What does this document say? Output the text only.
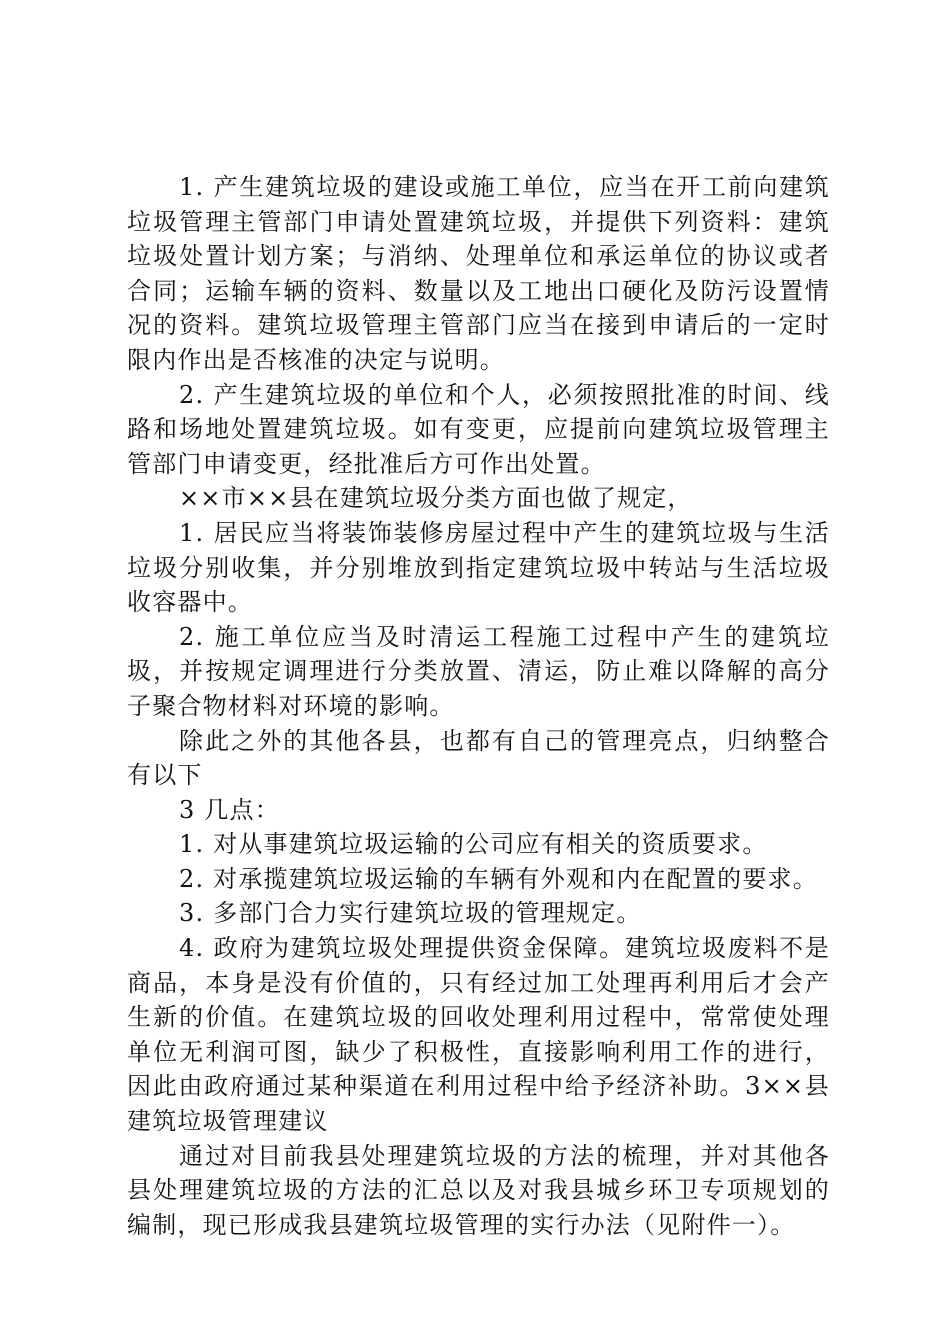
1. 产生建筑垃圾的建设或施工单位，应当在开工前向建筑垃圾管理主管部门申请处置建筑垃圾，并提供下列资料：建筑垃圾处置计划方案；与消纳、处理单位和承运单位的协议或者合同；运输车辆的资料、数量以及工地出口硬化及防污设置情况的资料。建筑垃圾管理主管部门应当在接到申请后的一定时限内作出是否核准的决定与说明。

2. 产生建筑垃圾的单位和个人，必须按照批准的时间、线路和场地处置建筑垃圾。如有变更，应提前向建筑垃圾管理主管部门申请变更，经批准后方可作出处置。

××市××县在建筑垃圾分类方面也做了规定，

1. 居民应当将装饰装修房屋过程中产生的建筑垃圾与生活垃圾分别收集，并分别堆放到指定建筑垃圾中转站与生活垃圾收容器中。

2. 施工单位应当及时清运工程施工过程中产生的建筑垃圾，并按规定调理进行分类放置、清运，防止难以降解的高分子聚合物材料对环境的影响。

除此之外的其他各县，也都有自己的管理亮点，归纳整合有以下

3 几点：

1. 对从事建筑垃圾运输的公司应有相关的资质要求。

2. 对承揽建筑垃圾运输的车辆有外观和内在配置的要求。

3. 多部门合力实行建筑垃圾的管理规定。

4. 政府为建筑垃圾处理提供资金保障。建筑垃圾废料不是商品，本身是没有价值的，只有经过加工处理再利用后才会产生新的价值。在建筑垃圾的回收处理利用过程中，常常使处理单位无利润可图，缺少了积极性，直接影响利用工作的进行，因此由政府通过某种渠道在利用过程中给予经济补助。3××县建筑垃圾管理建议

通过对目前我县处理建筑垃圾的方法的梳理，并对其他各县处理建筑垃圾的方法的汇总以及对我县城乡环卫专项规划的编制，现已形成我县建筑垃圾管理的实行办法（见附件一）。
